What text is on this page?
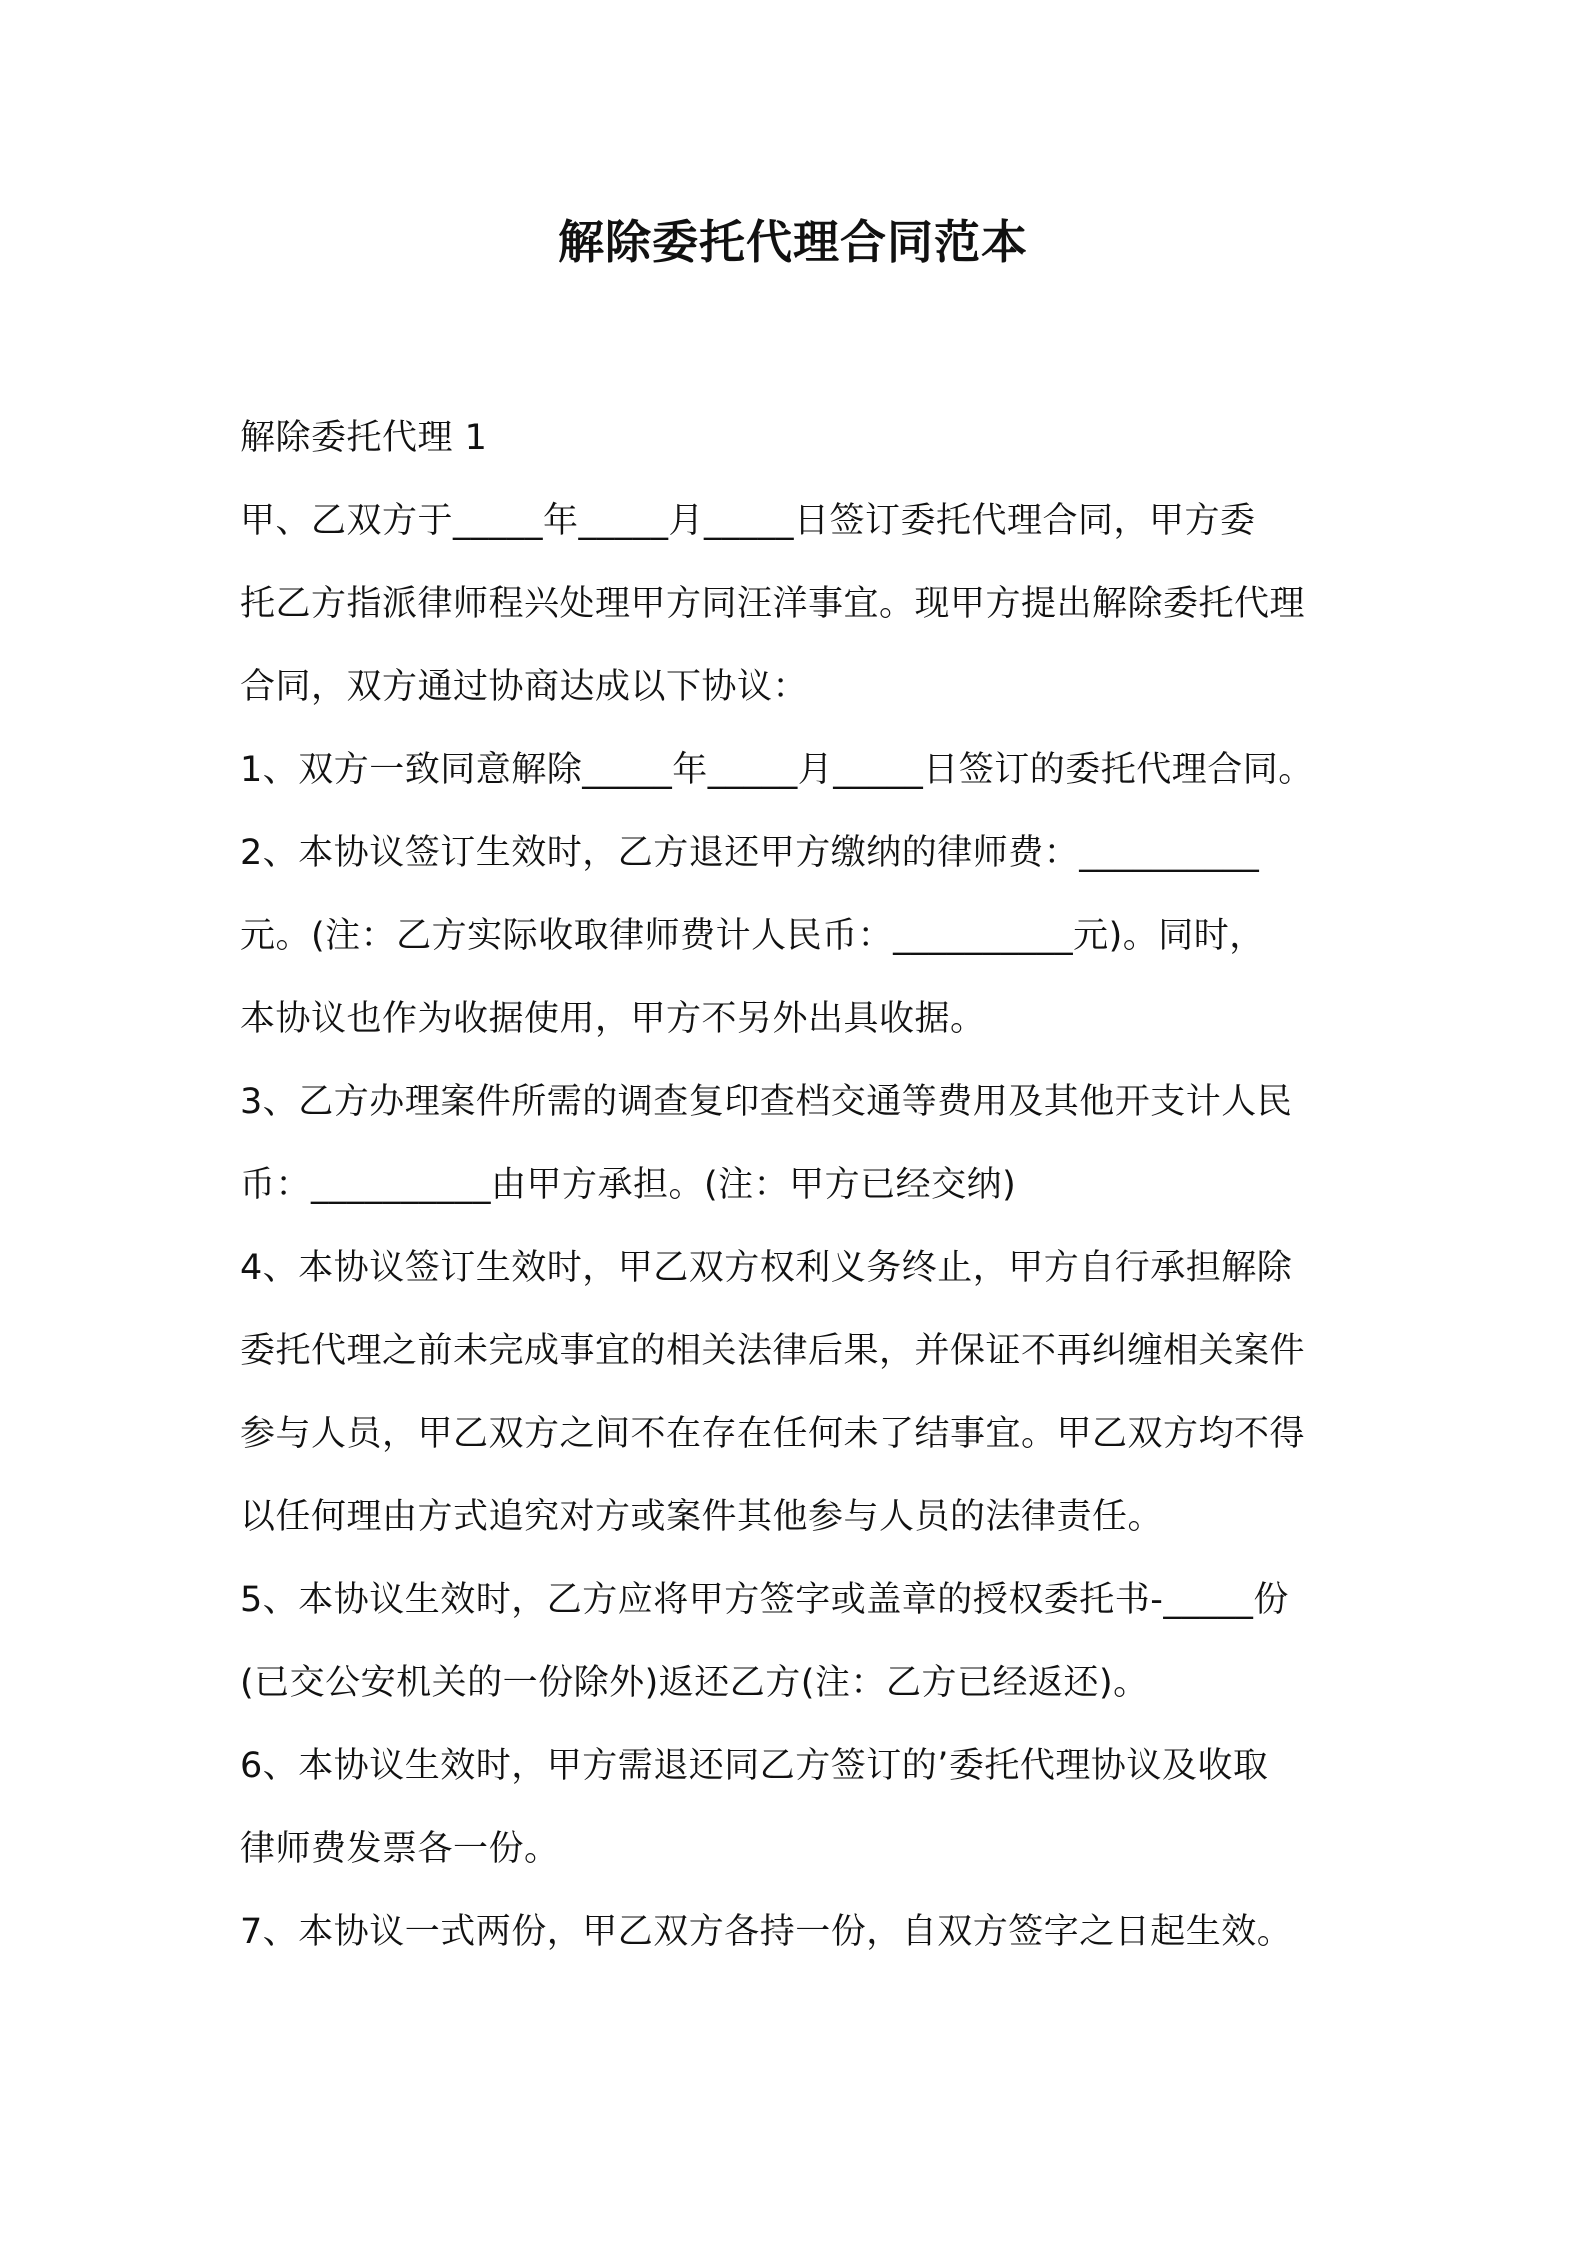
解除委托代理合同范本
解除委托代理 1
甲、乙双方于_____年_____月_____日签订委托代理合同，甲方委
托乙方指派律师程兴处理甲方同汪洋事宜。现甲方提出解除委托代理
合同，双方通过协商达成以下协议：
1、双方一致同意解除_____年_____月_____日签订的委托代理合同。
2、本协议签订生效时，乙方退还甲方缴纳的律师费：__________
元。(注：乙方实际收取律师费计人民币：__________元)。同时，
本协议也作为收据使用，甲方不另外出具收据。
3、乙方办理案件所需的调查复印查档交通等费用及其他开支计人民
币：__________由甲方承担。(注：甲方已经交纳)
4、本协议签订生效时，甲乙双方权利义务终止，甲方自行承担解除
委托代理之前未完成事宜的相关法律后果，并保证不再纠缠相关案件
参与人员，甲乙双方之间不在存在任何未了结事宜。甲乙双方均不得
以任何理由方式追究对方或案件其他参与人员的法律责任。
5、本协议生效时，乙方应将甲方签字或盖章的授权委托书-_____份
(已交公安机关的一份除外)返还乙方(注：乙方已经返还)。
6、本协议生效时，甲方需退还同乙方签订的’委托代理协议及收取
律师费发票各一份。
7、本协议一式两份，甲乙双方各持一份，自双方签字之日起生效。
